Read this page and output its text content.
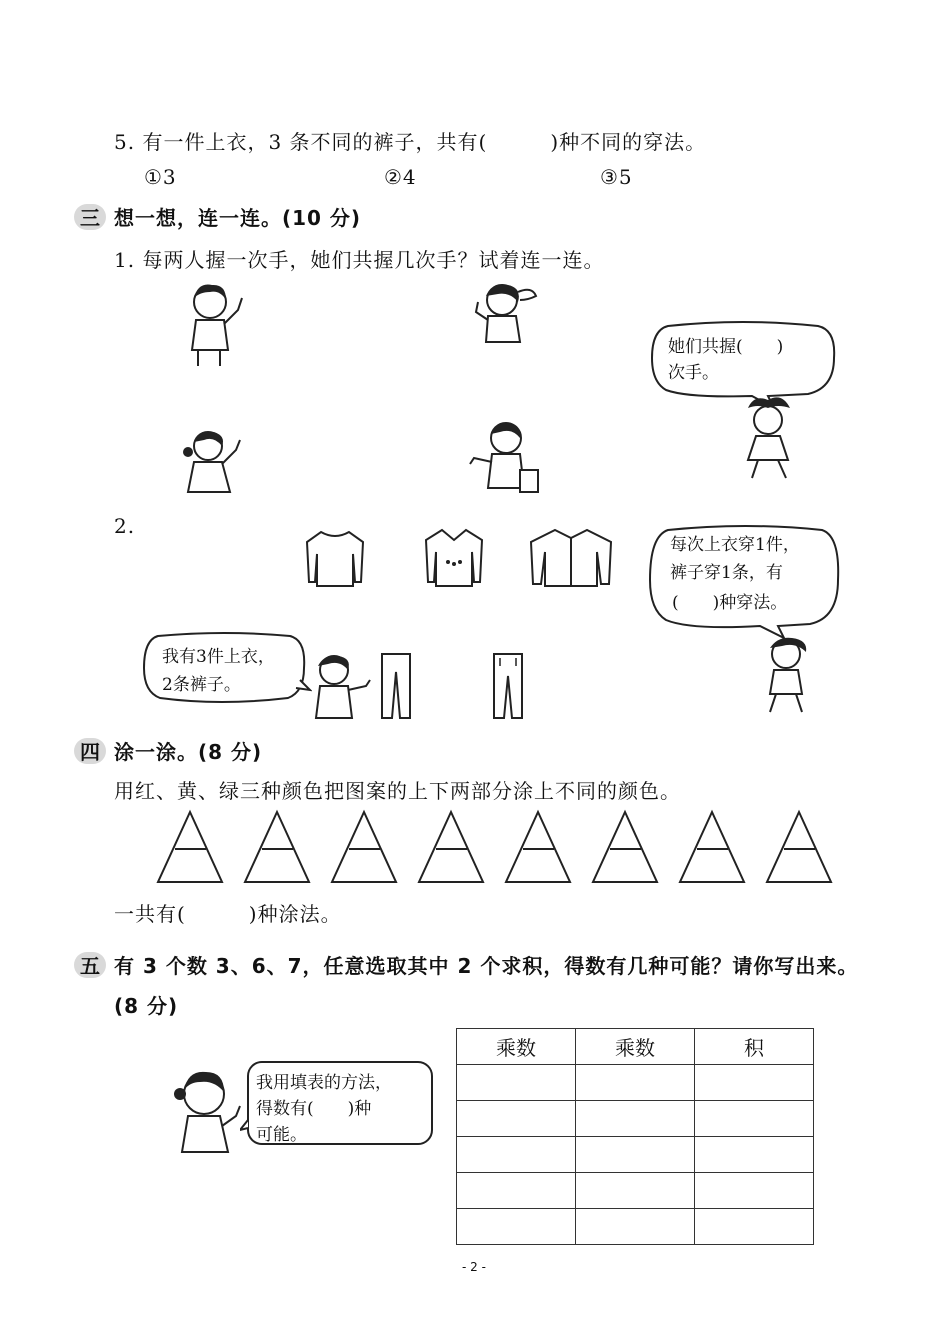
5. 有一件上衣，3 条不同的裤子，共有(　　　)种不同的穿法。
①3	②4	③5
三 想一想，连一连。(10 分)
1. 每两人握一次手，她们共握几次手？试着连一连。
她们共握(　　)
次手。
2.
每次上衣穿1件，
裤子穿1条，有
(　　)种穿法。
我有3件上衣，
2条裤子。
四 涂一涂。(8 分)
用红、黄、绿三种颜色把图案的上下两部分涂上不同的颜色。
一共有(　　　)种涂法。
五 有 3 个数 3、6、7，任意选取其中 2 个求积，得数有几种可能？请你写出来。
(8 分)
我用填表的方法，
得数有(　　)种
可能。
乘数	乘数	积

- 2 -
